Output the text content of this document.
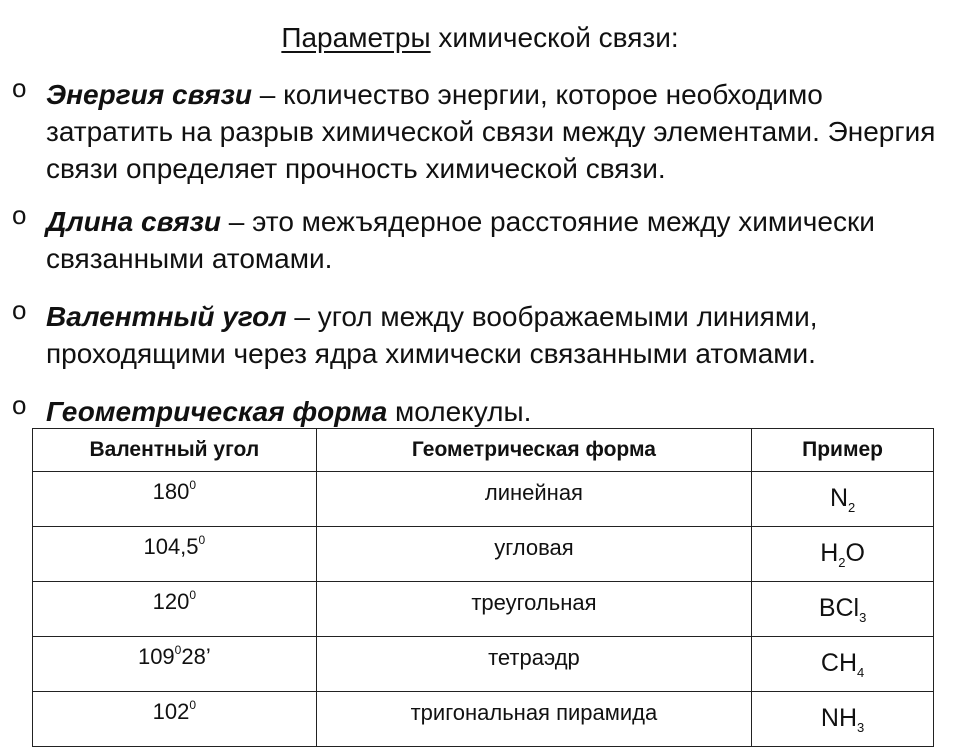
Параметры химической связи:
o Энергия связи – количество энергии, которое необходимо затратить на разрыв химической связи между элементами. Энергия связи определяет прочность химической связи.
o Длина связи – это межъядерное расстояние между химически связанными атомами.
o Валентный угол – угол между воображаемыми линиями, проходящими через ядра химически связанными атомами.
o Геометрическая форма молекулы.
Валентный угол	Геометрическая форма	Пример
$180^0$	линейная	$N_2$
104,5$^0$	угловая	$H_2O$
$120^0$	треугольная	BCl$_3$
$109^028$’	тетраэдр	$CH_4$
$102^0$	тригональная пирамида	$NH_3$
